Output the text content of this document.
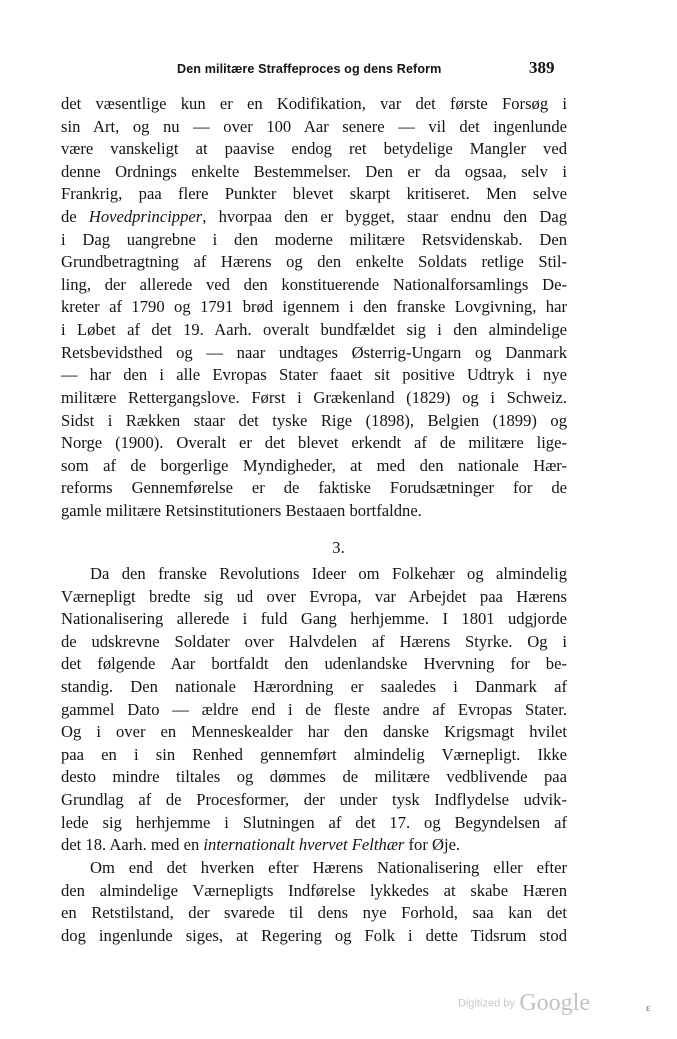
Den militære Straffeproces og dens Reform	389
det væsentlige kun er en Kodifikation, var det første Forsøg i
sin Art, og nu — over 100 Aar senere — vil det ingenlunde
være vanskeligt at paavise endog ret betydelige Mangler ved
denne Ordnings enkelte Bestemmelser. Den er da ogsaa, selv i
Frankrig, paa flere Punkter blevet skarpt kritiseret. Men selve
de Hovedprincipper, hvorpaa den er bygget, staar endnu den Dag
i Dag uangrebne i den moderne militære Retsvidenskab. Den
Grundbetragtning af Hærens og den enkelte Soldats retlige Stil-
ling, der allerede ved den konstituerende Nationalforsamlings De-
kreter af 1790 og 1791 brød igennem i den franske Lovgivning, har
i Løbet af det 19. Aarh. overalt bundfældet sig i den almindelige
Retsbevidsthed og — naar undtages Østerrig-Ungarn og Danmark
— har den i alle Evropas Stater faaet sit positive Udtryk i nye
militære Rettergangslove. Først i Grækenland (1829) og i Schweiz.
Sidst i Rækken staar det tyske Rige (1898), Belgien (1899) og
Norge (1900). Overalt er det blevet erkendt af de militære lige-
som af de borgerlige Myndigheder, at med den nationale Hær-
reforms Gennemførelse er de faktiske Forudsætninger for de
gamle militære Retsinstitutioners Bestaaen bortfaldne.
3.
Da den franske Revolutions Ideer om Folkehær og almindelig
Værnepligt bredte sig ud over Evropa, var Arbejdet paa Hærens
Nationalisering allerede i fuld Gang herhjemme. I 1801 udgjorde
de udskrevne Soldater over Halvdelen af Hærens Styrke. Og i
det følgende Aar bortfaldt den udenlandske Hvervning for be-
standig. Den nationale Hærordning er saaledes i Danmark af
gammel Dato — ældre end i de fleste andre af Evropas Stater.
Og i over en Menneskealder har den danske Krigsmagt hvilet
paa en i sin Renhed gennemført almindelig Værnepligt. Ikke
desto mindre tiltales og dømmes de militære vedblivende paa
Grundlag af de Procesformer, der under tysk Indflydelse udvik-
lede sig herhjemme i Slutningen af det 17. og Begyndelsen af
det 18. Aarh. med en internationalt hvervet Felthær for Øje.
Om end det hverken efter Hærens Nationalisering eller efter
den almindelige Værnepligts Indførelse lykkedes at skabe Hæren
en Retstilstand, der svarede til dens nye Forhold, saa kan det
dog ingenlunde siges, at Regering og Folk i dette Tidsrum stod
Digitized by Google	ɛ
